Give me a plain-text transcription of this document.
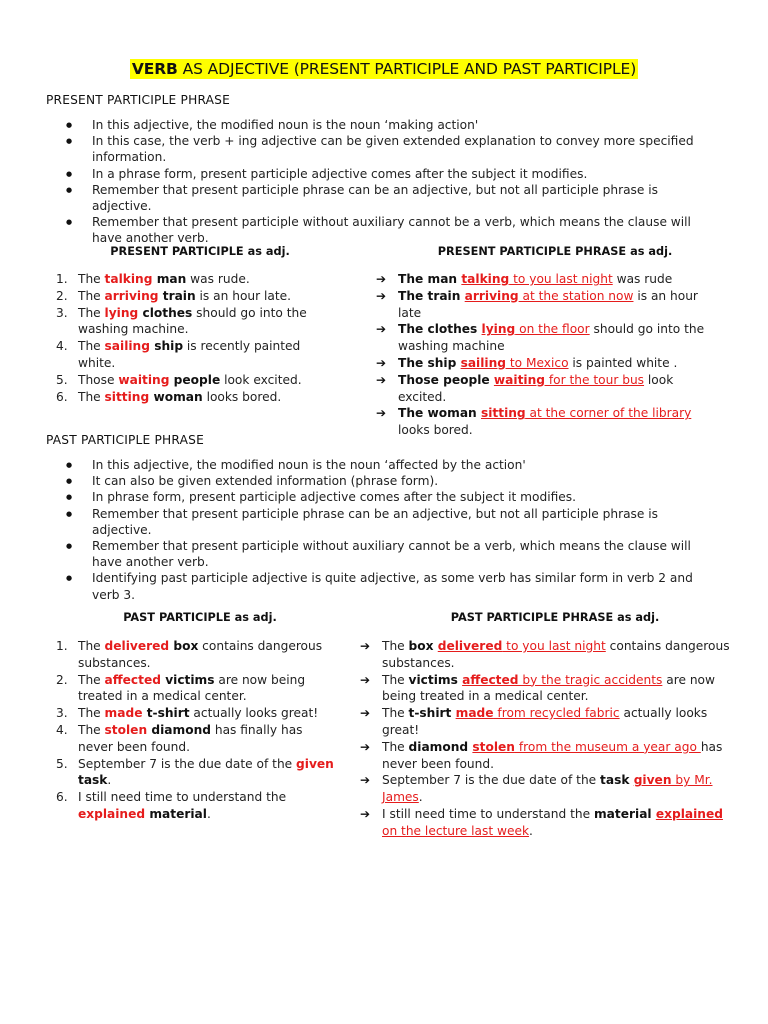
VERB AS ADJECTIVE (PRESENT PARTICIPLE AND PAST PARTICIPLE)
PRESENT PARTICIPLE PHRASE
● In this adjective, the modified noun is the noun ‘making action'
● In this case, the verb + ing adjective can be given extended explanation to convey more specified information.
● In a phrase form, present participle adjective comes after the subject it modifies.
● Remember that present participle phrase can be an adjective, but not all participle phrase is adjective.
● Remember that present participle without auxiliary cannot be a verb, which means the clause will have another verb.
PRESENT PARTICIPLE as adj.	PRESENT PARTICIPLE PHRASE as adj.
1. The talking man was rude.
2. The arriving train is an hour late.
3. The lying clothes should go into the washing machine.
4. The sailing ship is recently painted white.
5. Those waiting people look excited.
6. The sitting woman looks bored.
➔ The man talking to you last night was rude
➔ The train arriving at the station now is an hour late
➔ The clothes lying on the floor should go into the washing machine
➔ The ship sailing to Mexico is painted white .
➔ Those people waiting for the tour bus look excited.
➔ The woman sitting at the corner of the library looks bored.
PAST PARTICIPLE PHRASE
● In this adjective, the modified noun is the noun ‘affected by the action'
● It can also be given extended information (phrase form).
● In phrase form, present participle adjective comes after the subject it modifies.
● Remember that present participle phrase can be an adjective, but not all participle phrase is adjective.
● Remember that present participle without auxiliary cannot be a verb, which means the clause will have another verb.
● Identifying past participle adjective is quite adjective, as some verb has similar form in verb 2 and verb 3.
PAST PARTICIPLE as adj.	PAST PARTICIPLE PHRASE as adj.
1. The delivered box contains dangerous substances.
2. The affected victims are now being treated in a medical center.
3. The made t-shirt actually looks great!
4. The stolen diamond has finally has never been found.
5. September 7 is the due date of the given task.
6. I still need time to understand the explained material.
➔ The box delivered to you last night contains dangerous substances.
➔ The victims affected by the tragic accidents are now being treated in a medical center.
➔ The t-shirt made from recycled fabric actually looks great!
➔ The diamond stolen from the museum a year ago has never been found.
➔ September 7 is the due date of the task given by Mr. James.
➔ I still need time to understand the material explained on the lecture last week.
